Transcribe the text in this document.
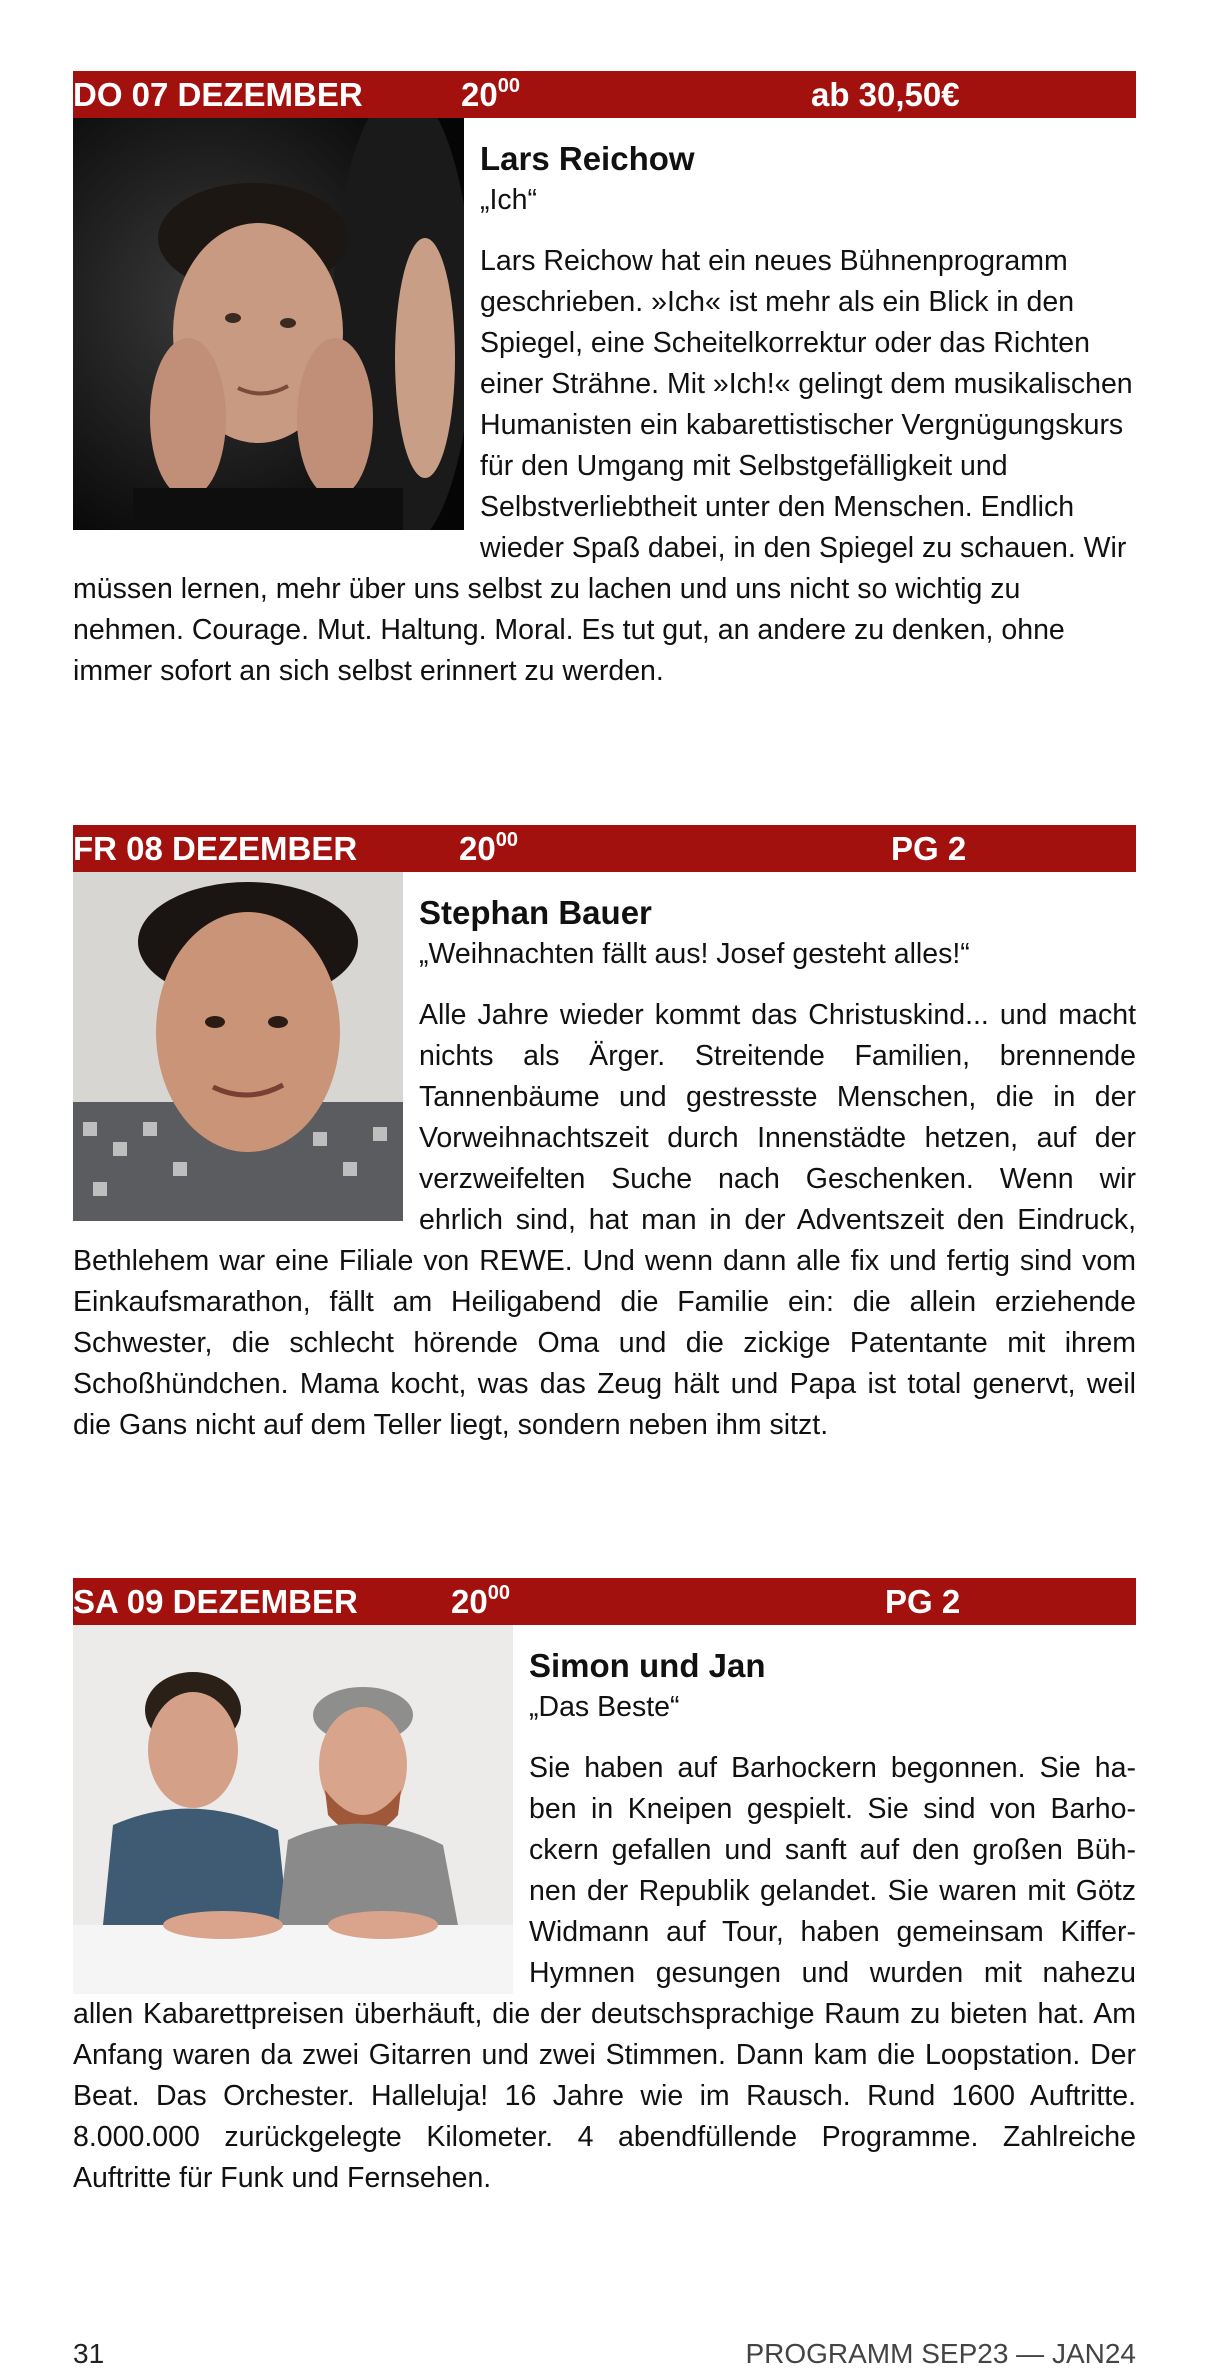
DO 07 DEZEMBER	$20^{00}$	ab 30,50€
Lars Reichow
„Ich“

Lars Reichow hat ein neues Bühnenprogramm geschrieben. »Ich« ist mehr als ein Blick in den Spiegel, eine Scheitelkorrektur oder das Richten einer Strähne. Mit »Ich!« gelingt dem musikalischen Humanisten ein kabarettistischer Vergnügungskurs für den Umgang mit Selbstgefälligkeit und Selbstverliebtheit unter den Menschen. Endlich wieder Spaß dabei, in den Spiegel zu schauen. Wir müssen lernen, mehr über uns selbst zu lachen und uns nicht so wichtig zu nehmen. Courage. Mut. Haltung. Moral. Es tut gut, an andere zu denken, ohne immer sofort an sich selbst erinnert zu werden.

FR 08 DEZEMBER	$20^{00}$	PG 2
Stephan Bauer
„Weihnachten fällt aus! Josef gesteht alles!“

Alle Jahre wieder kommt das Christuskind... und macht nichts als Ärger. Streitende Familien, brennende Tannenbäume und gestresste Menschen, die in der Vorweihnachtszeit durch Innenstädte hetzen, auf der verzweifelten Suche nach Geschenken. Wenn wir ehrlich sind, hat man in der Adventszeit den Eindruck, Bethlehem war eine Filiale von REWE. Und wenn dann alle fix und fertig sind vom Einkaufsmarathon, fällt am Heiligabend die Familie ein: die allein erziehende Schwester, die schlecht hörende Oma und die zickige Patentante mit ihrem Schoßhündchen. Mama kocht, was das Zeug hält und Papa ist total genervt, weil die Gans nicht auf dem Teller liegt, sondern neben ihm sitzt.

SA 09 DEZEMBER	$20^{00}$	PG 2
Simon und Jan
„Das Beste“

Sie haben auf Barhockern begonnen. Sie haben in Kneipen gespielt. Sie sind von Barhockern gefallen und sanft auf den großen Bühnen der Republik gelandet. Sie waren mit Götz Widmann auf Tour, haben gemeinsam Kiffer-Hymnen gesungen und wurden mit nahezu allen Kabarettpreisen überhäuft, die der deutschsprachige Raum zu bieten hat. Am Anfang waren da zwei Gitarren und zwei Stimmen. Dann kam die Loopstation. Der Beat. Das Orchester. Halleluja! 16 Jahre wie im Rausch. Rund 1600 Auftritte. 8.000.000 zurückgelegte Kilometer. 4 abendfüllende Programme. Zahlreiche Auftritte für Funk und Fernsehen.

31	PROGRAMM SEP23 — JAN24
